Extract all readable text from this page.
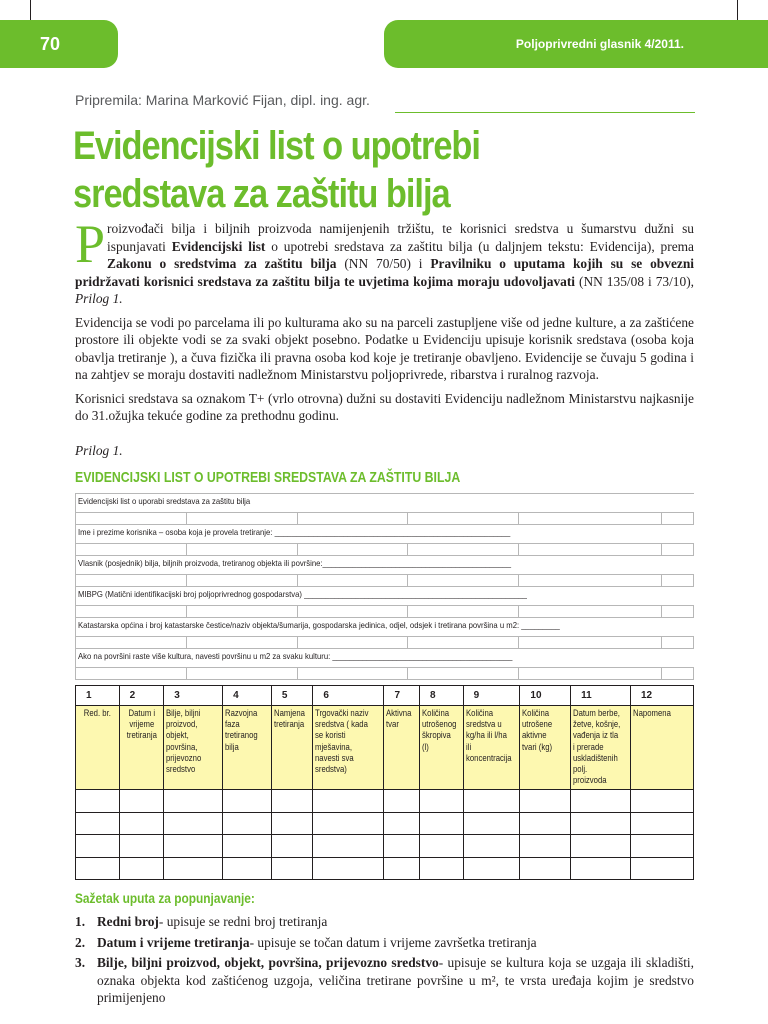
70	Poljoprivredni glasnik 4/2011.
Pripremila: Marina Marković Fijan, dipl. ing. agr.
Evidencijski list o upotrebi
sredstava za zaštitu bilja

Proizvođači bilja i biljnih proizvoda namijenjenih tržištu, te korisnici sredstva u šumarstvu dužni su ispunjavati Evidencijski list o upotrebi sredstava za zaštitu bilja (u daljnjem tekstu: Evidencija), prema Zakonu o sredstvima za zaštitu bilja (NN 70/50) i Pravilniku o uputama kojih su se obvezni pridržavati korisnici sredstava za zaštitu bilja te uvjetima kojima moraju udovoljavati (NN 135/08 i 73/10), Prilog 1.

Evidencija se vodi po parcelama ili po kulturama ako su na parceli zastupljene više od jedne kulture, a za zaštićene prostore ili objekte vodi se za svaki objekt posebno. Podatke u Evidenciju upisuje korisnik sredstava (osoba koja obavlja tretiranje ), a čuva fizička ili pravna osoba kod koje je tretiranje obavljeno. Evidencije se čuvaju 5 godina i na zahtjev se moraju dostaviti nadležnom Ministarstvu poljoprivrede, ribarstva i ruralnog razvoja.

Korisnici sredstava sa oznakom T+ (vrlo otrovna) dužni su dostaviti Evidenciju nadležnom Ministarstvu najkasnije do 31.ožujka tekuće godine za prethodnu godinu.

Prilog 1.
EVIDENCIJSKI LIST O UPOTREBI SREDSTAVA ZA ZAŠTITU BILJA
Evidencijski list o uporabi sredstava za zaštitu bilja					

Ime i prezime korisnika – osoba koja je provela tretiranje: _______________________________________________________					

Vlasnik (posjednik) bilja, biljnih proizvoda, tretiranog objekta ili površine:____________________________________________					

MIBPG (Matični identifikacijski broj poljoprivrednog gospodarstva) ____________________________________________________					

Katastarska općina i broj katastarske čestice/naziv objekta/šumarija, gospodarska jedinica, odjel, odsjek i tretirana površina u m2: _________					

Ako na površini raste više kultura, navesti površinu u m2 za svaku kulturu: __________________________________________					

1	2	3	4	5	6	7	8	9	10	11	12

Red. br.	Datum i vrijeme tretiranja	Bilje, biljni proizvod, objekt, površina, prijevozno sredstvo	Razvojna faza tretiranog bilja	Namjena tretiranja	Trgovački naziv sredstva ( kada se koristi mješavina, navesti sva sredstva)	Aktivna tvar	Količina utrošenog škropiva (l)	Količina sredstva u kg/ha ili l/ha ili koncentracija	Količina utrošene aktivne tvari (kg)	Datum berbe, žetve, košnje, vađenja iz tla i prerade uskladištenih polj. proizvoda	Napomena

Sažetak uputa za popunjavanje:
1. Redni broj- upisuje se redni broj tretiranja
2. Datum i vrijeme tretiranja- upisuje se točan datum i vrijeme završetka tretiranja
3. Bilje, biljni proizvod, objekt, površina, prijevozno sredstvo- upisuje se kultura koja se uzgaja ili skladišti, oznaka objekta kod zaštićenog uzgoja, veličina tretirane površine u m², te vrsta uređaja kojim je sredstvo primijenjeno
